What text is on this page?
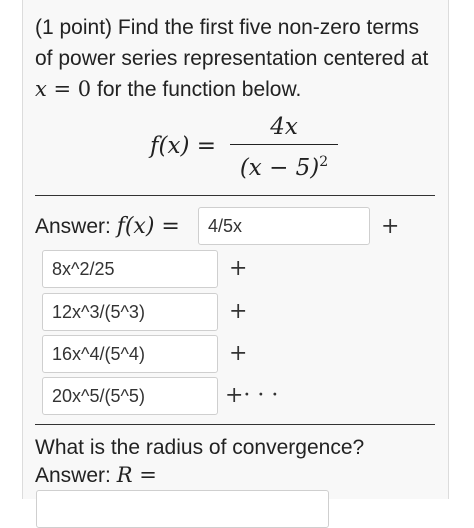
(1 point) Find the first five non-zero terms of power series representation centered at x = 0 for the function below.
f(x) =
4x
$(x - 5)^2$
Answer: f(x) =	4/5x	+
8x^2/25	+
12x^3/(5^3)	+
16x^4/(5^4)	+
20x^5/(5^5)	+· · ·
What is the radius of convergence?
Answer: R =
